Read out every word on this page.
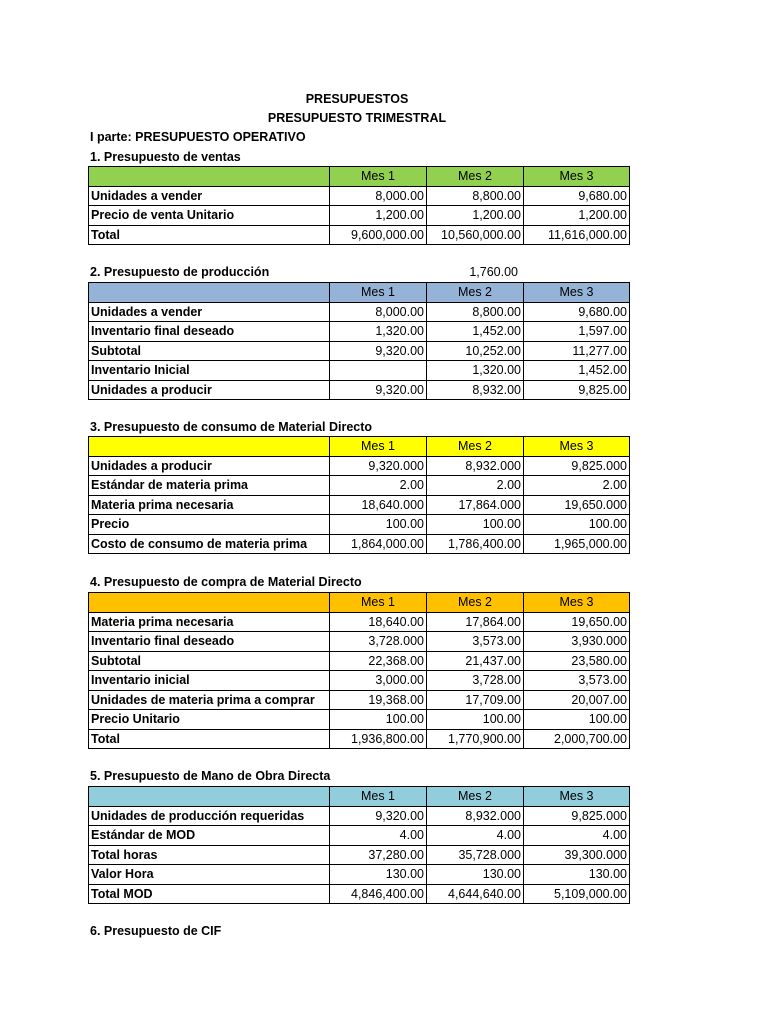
PRESUPUESTOS
PRESUPUESTO TRIMESTRAL
I parte: PRESUPUESTO OPERATIVO
1. Presupuesto de ventas
	Mes 1	Mes 2	Mes 3
Unidades a vender	8,000.00	8,800.00	9,680.00
Precio de venta Unitario	1,200.00	1,200.00	1,200.00
Total	9,600,000.00	10,560,000.00	11,616,000.00
2. Presupuesto de producción	1,760.00
	Mes 1	Mes 2	Mes 3
Unidades a vender	8,000.00	8,800.00	9,680.00
Inventario final deseado	1,320.00	1,452.00	1,597.00
Subtotal	9,320.00	10,252.00	11,277.00
Inventario Inicial		1,320.00	1,452.00
Unidades a producir	9,320.00	8,932.00	9,825.00
3. Presupuesto de consumo de Material Directo
	Mes 1	Mes 2	Mes 3
Unidades a producir	9,320.000	8,932.000	9,825.000
Estándar de materia prima	2.00	2.00	2.00
Materia prima necesaria	18,640.000	17,864.000	19,650.000
Precio	100.00	100.00	100.00
Costo de consumo de materia prima	1,864,000.00	1,786,400.00	1,965,000.00
4. Presupuesto de compra de Material Directo
	Mes 1	Mes 2	Mes 3
Materia prima necesaria	18,640.00	17,864.00	19,650.00
Inventario final deseado	3,728.000	3,573.00	3,930.000
Subtotal	22,368.00	21,437.00	23,580.00
Inventario inicial	3,000.00	3,728.00	3,573.00
Unidades de materia prima a comprar	19,368.00	17,709.00	20,007.00
Precio Unitario	100.00	100.00	100.00
Total	1,936,800.00	1,770,900.00	2,000,700.00
5. Presupuesto de Mano de Obra Directa
	Mes 1	Mes 2	Mes 3
Unidades de producción requeridas	9,320.00	8,932.000	9,825.000
Estándar de MOD	4.00	4.00	4.00
Total horas	37,280.00	35,728.000	39,300.000
Valor Hora	130.00	130.00	130.00
Total MOD	4,846,400.00	4,644,640.00	5,109,000.00
6. Presupuesto de CIF
